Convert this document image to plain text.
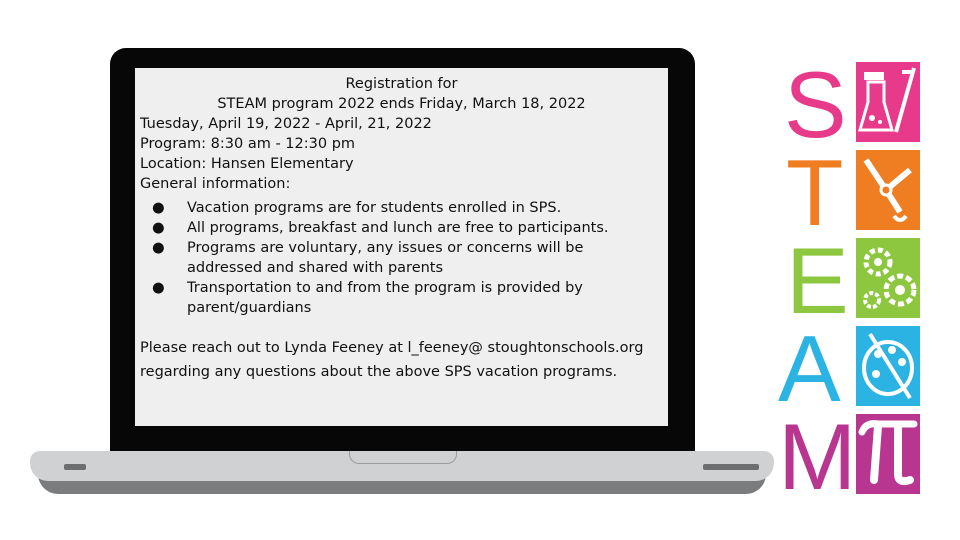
Registration for
STEAM program 2022 ends Friday, March 18, 2022
Tuesday, April 19, 2022 - April, 21, 2022
Program: 8:30 am - 12:30 pm
Location: Hansen Elementary
General information:
● Vacation programs are for students enrolled in SPS.
● All programs, breakfast and lunch are free to participants.
● Programs are voluntary, any issues or concerns will be addressed and shared with parents
● Transportation to and from the program is provided by parent/guardians
Please reach out to Lynda Feeney at l_feeney@ stoughtonschools.org
regarding any questions about the above SPS vacation programs.
S
T
E
A
M
